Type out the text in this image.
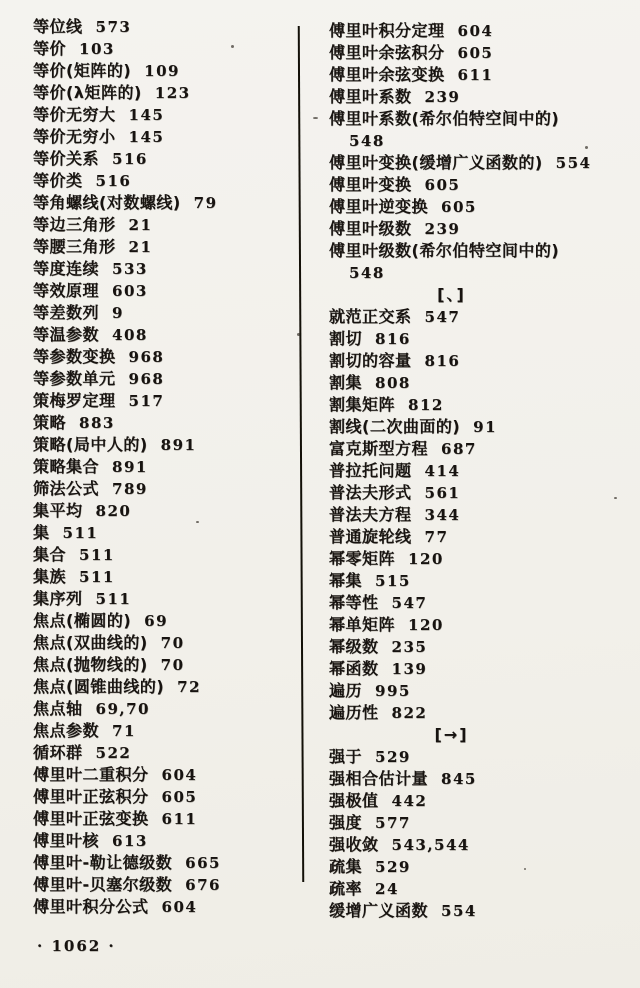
等位线 573
等价 103
等价(矩阵的) 109
等价(λ矩阵的) 123
等价无穷大 145
等价无穷小 145
等价关系 516
等价类 516
等角螺线(对数螺线) 79
等边三角形 21
等腰三角形 21
等度连续 533
等效原理 603
等差数列 9
等温参数 408
等参数变换 968
等参数单元 968
策梅罗定理 517
策略 883
策略(局中人的) 891
策略集合 891
筛法公式 789
集平均 820
集 511
集合 511
集族 511
集序列 511
焦点(椭圆的) 69
焦点(双曲线的) 70
焦点(抛物线的) 70
焦点(圆锥曲线的) 72
焦点轴 69,70
焦点参数 71
循环群 522
傅里叶二重积分 604
傅里叶正弦积分 605
傅里叶正弦变换 611
傅里叶核 613
傅里叶-勒让德级数 665
傅里叶-贝塞尔级数 676
傅里叶积分公式 604
傅里叶积分定理 604
傅里叶余弦积分 605
傅里叶余弦变换 611
傅里叶系数 239
傅里叶系数(希尔伯特空间中的)
548
傅里叶变换(缓增广义函数的) 554
傅里叶变换 605
傅里叶逆变换 605
傅里叶级数 239
傅里叶级数(希尔伯特空间中的)
548
[、]
就范正交系 547
割切 816
割切的容量 816
割集 808
割集矩阵 812
割线(二次曲面的) 91
富克斯型方程 687
普拉托问题 414
普法夫形式 561
普法夫方程 344
普通旋轮线 77
幂零矩阵 120
幂集 515
幂等性 547
幂单矩阵 120
幂级数 235
幂函数 139
遍历 995
遍历性 822
[→]
强于 529
强相合估计量 845
强极值 442
强度 577
强收敛 543,544
疏集 529
疏率 24
缓增广义函数 554
· 1062 ·
